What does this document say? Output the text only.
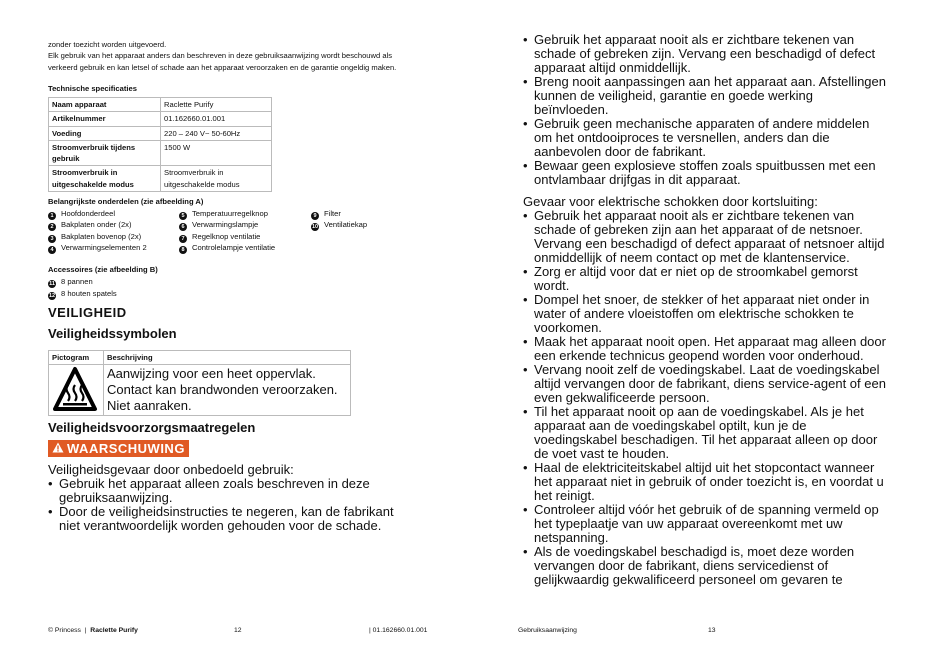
zonder toezicht worden uitgevoerd.
Elk gebruik van het apparaat anders dan beschreven in deze gebruiksaanwijzing wordt beschouwd als
verkeerd gebruik en kan letsel of schade aan het apparaat veroorzaken en de garantie ongeldig maken.
Technische specificaties
Naam apparaat	Raclette Purify
Artikelnummer	01.162660.01.001
Voeding	220 – 240 V~ 50-60Hz
Stroomverbruik tijdens gebruik	1500 W
Stroomverbruik in uitgeschakelde modus	Stroomverbruik in uitgeschakelde modus
Belangrijkste onderdelen (zie afbeelding A)
1 Hoofdonderdeel
2 Bakplaten onder (2x)
3 Bakplaten bovenop (2x)
4 Verwarmingselementen 2
5 Temperatuurregelknop
6 Verwarmingslampje
7 Regelknop ventilatie
8 Controlelampje ventilatie
9 Filter
10 Ventilatiekap
Accessoires (zie afbeelding B)
11 8 pannen
12 8 houten spatels
VEILIGHEID
Veiligheidssymbolen
Pictogram	Beschrijving

Aanwijzing voor een heet oppervlak.
Contact kan brandwonden veroorzaken.
Niet aanraken.
Veiligheidsvoorzorgsmaatregelen
WAARSCHUWING
Veiligheidsgevaar door onbedoeld gebruik:
• Gebruik het apparaat alleen zoals beschreven in deze
gebruiksaanwijzing.
• Door de veiligheidsinstructies te negeren, kan de fabrikant
niet verantwoordelijk worden gehouden voor de schade.
© Princess  |  Raclette Purify	12	| 01.162660.01.001
• Gebruik het apparaat nooit als er zichtbare tekenen van
schade of gebreken zijn. Vervang een beschadigd of defect
apparaat altijd onmiddellijk.
• Breng nooit aanpassingen aan het apparaat aan. Afstellingen
kunnen de veiligheid, garantie en goede werking
beïnvloeden.
• Gebruik geen mechanische apparaten of andere middelen
om het ontdooiproces te versnellen, anders dan die
aanbevolen door de fabrikant.
• Bewaar geen explosieve stoffen zoals spuitbussen met een
ontvlambaar drijfgas in dit apparaat.
Gevaar voor elektrische schokken door kortsluiting:
• Gebruik het apparaat nooit als er zichtbare tekenen van
schade of gebreken zijn aan het apparaat of de netsnoer.
Vervang een beschadigd of defect apparaat of netsnoer altijd
onmiddellijk of neem contact op met de klantenservice.
• Zorg er altijd voor dat er niet op de stroomkabel gemorst
wordt.
• Dompel het snoer, de stekker of het apparaat niet onder in
water of andere vloeistoffen om elektrische schokken te
voorkomen.
• Maak het apparaat nooit open. Het apparaat mag alleen door
een erkende technicus geopend worden voor onderhoud.
• Vervang nooit zelf de voedingskabel. Laat de voedingskabel
altijd vervangen door de fabrikant, diens service-agent of een
even gekwalificeerde persoon.
• Til het apparaat nooit op aan de voedingskabel. Als je het
apparaat aan de voedingskabel optilt, kun je de
voedingskabel beschadigen. Til het apparaat alleen op door
de voet vast te houden.
• Haal de elektriciteitskabel altijd uit het stopcontact wanneer
het apparaat niet in gebruik of onder toezicht is, en voordat u
het reinigt.
• Controleer altijd vóór het gebruik of de spanning vermeld op
het typeplaatje van uw apparaat overeenkomt met uw
netspanning.
• Als de voedingskabel beschadigd is, moet deze worden
vervangen door de fabrikant, diens servicedienst of
gelijkwaardig gekwalificeerd personeel om gevaren te
Gebruiksaanwijzing	13
